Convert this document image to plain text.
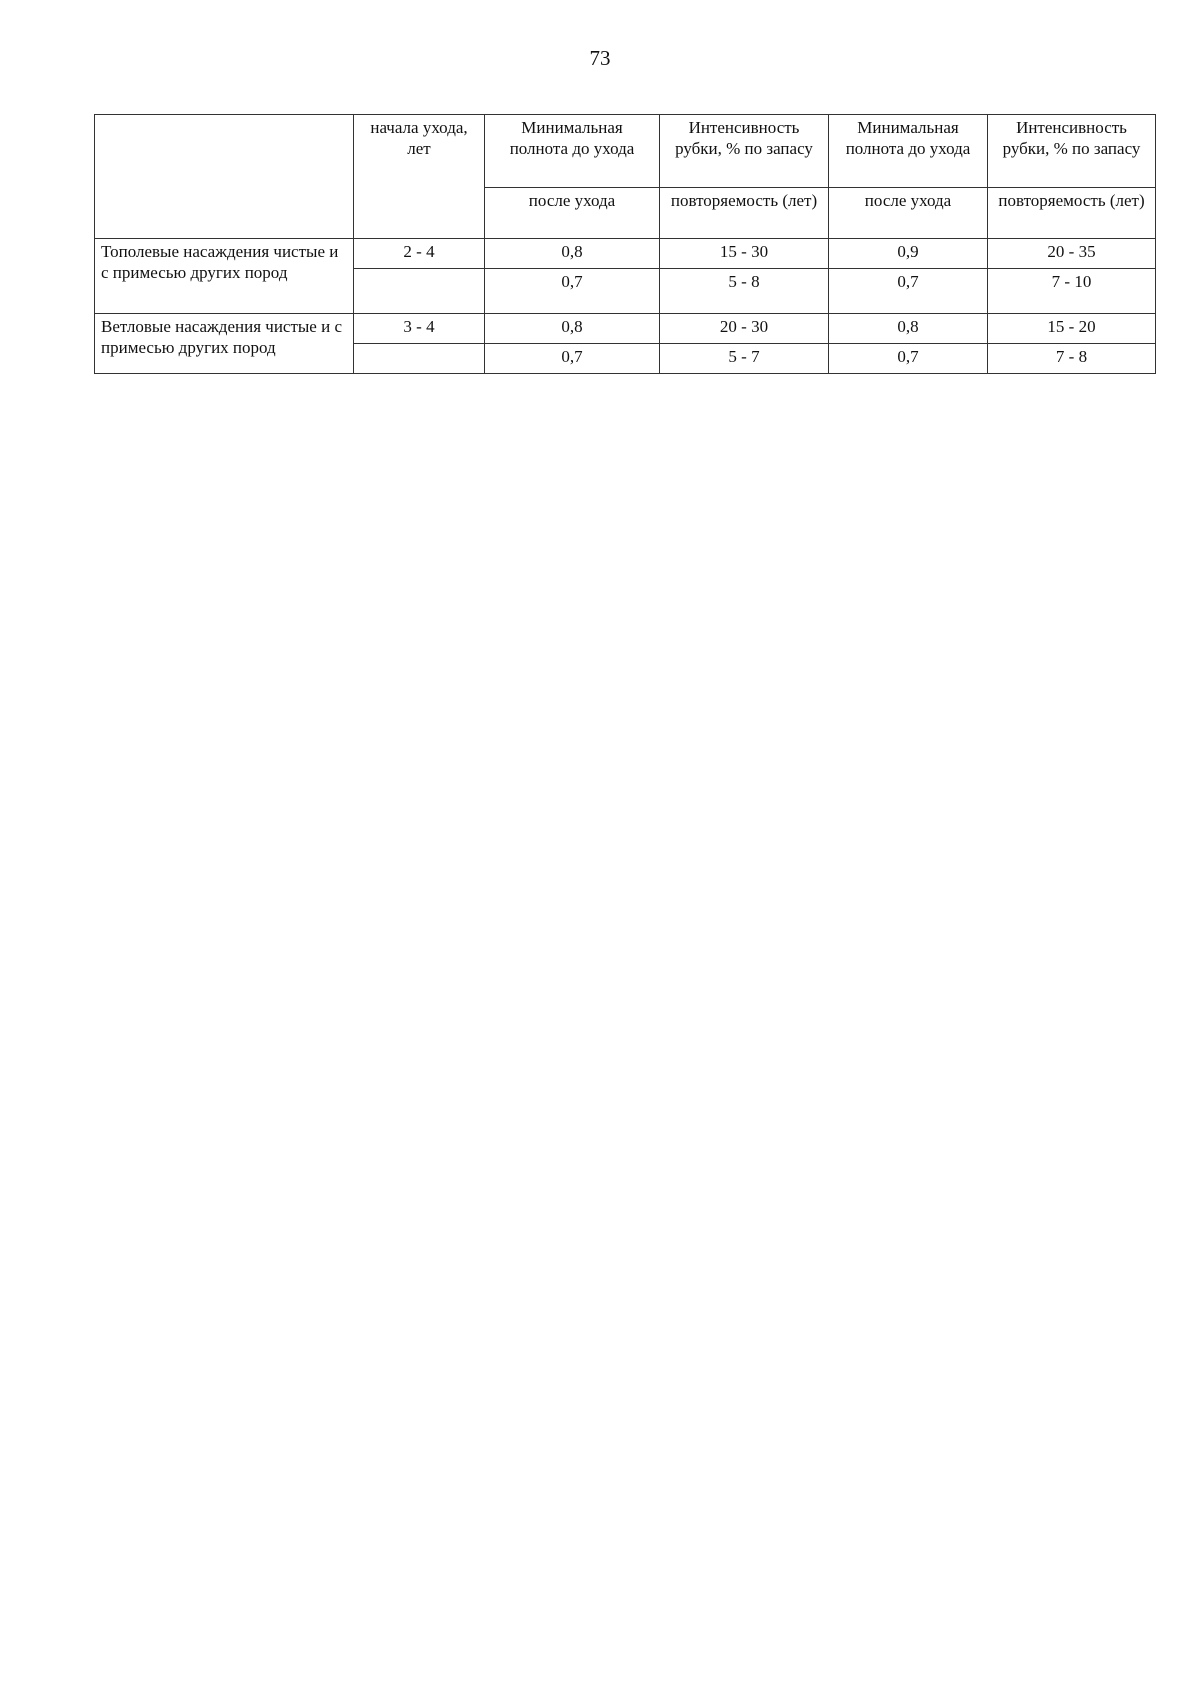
73
	начала ухода, лет	Минимальная полнота до ухода	Интенсивность рубки, % по запасу	Минимальная полнота до ухода	Интенсивность рубки, % по запасу
		после ухода	повторяемость (лет)	после ухода	повторяемость (лет)
Тополевые насаждения чистые и с примесью других пород	2 - 4	0,8	15 - 30	0,9	20 - 35
		0,7	5 - 8	0,7	7 - 10
Ветловые насаждения чистые и с примесью других пород	3 - 4	0,8	20 - 30	0,8	15 - 20
		0,7	5 - 7	0,7	7 - 8
